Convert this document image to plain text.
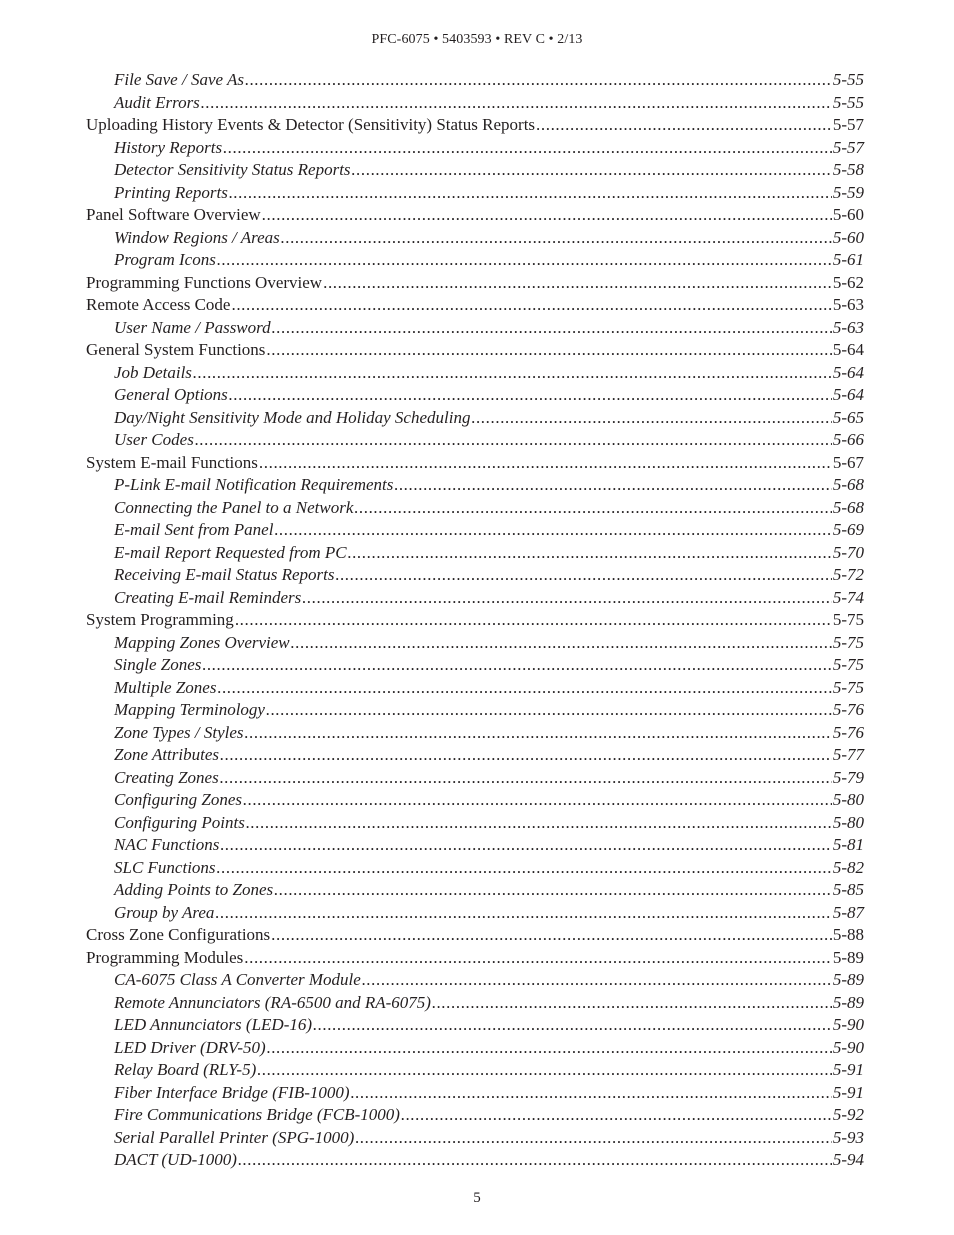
PFC-6075 • 5403593 • REV C • 2/13
File Save / Save As .....	5-55
Audit Errors .....	5-55
Uploading History Events & Detector (Sensitivity) Status Reports .....	5-57
History Reports .....	5-57
Detector Sensitivity Status Reports .....	5-58
Printing Reports .....	5-59
Panel Software Overview .....	5-60
Window Regions / Areas .....	5-60
Program Icons .....	5-61
Programming Functions Overview .....	5-62
Remote Access Code .....	5-63
User Name / Password .....	5-63
General System Functions .....	5-64
Job Details .....	5-64
General Options .....	5-64
Day/Night Sensitivity Mode and Holiday Scheduling .....	5-65
User Codes .....	5-66
System E-mail Functions .....	5-67
P-Link E-mail Notification Requirements .....	5-68
Connecting the Panel to a Network .....	5-68
E-mail Sent from Panel .....	5-69
E-mail Report Requested from PC .....	5-70
Receiving E-mail Status Reports .....	5-72
Creating E-mail Reminders .....	5-74
System Programming .....	5-75
Mapping Zones Overview .....	5-75
Single Zones .....	5-75
Multiple Zones .....	5-75
Mapping Terminology .....	5-76
Zone Types / Styles .....	5-76
Zone Attributes .....	5-77
Creating Zones .....	5-79
Configuring Zones .....	5-80
Configuring Points .....	5-80
NAC Functions .....	5-81
SLC Functions .....	5-82
Adding Points to Zones .....	5-85
Group by Area .....	5-87
Cross Zone Configurations .....	5-88
Programming Modules .....	5-89
CA-6075 Class A Converter Module .....	5-89
Remote Annunciators (RA-6500 and RA-6075) .....	5-89
LED Annunciators (LED-16) .....	5-90
LED Driver (DRV-50) .....	5-90
Relay Board (RLY-5) .....	5-91
Fiber Interface Bridge (FIB-1000) .....	5-91
Fire Communications Bridge (FCB-1000) .....	5-92
Serial Parallel Printer (SPG-1000) .....	5-93
DACT (UD-1000) .....	5-94
5
